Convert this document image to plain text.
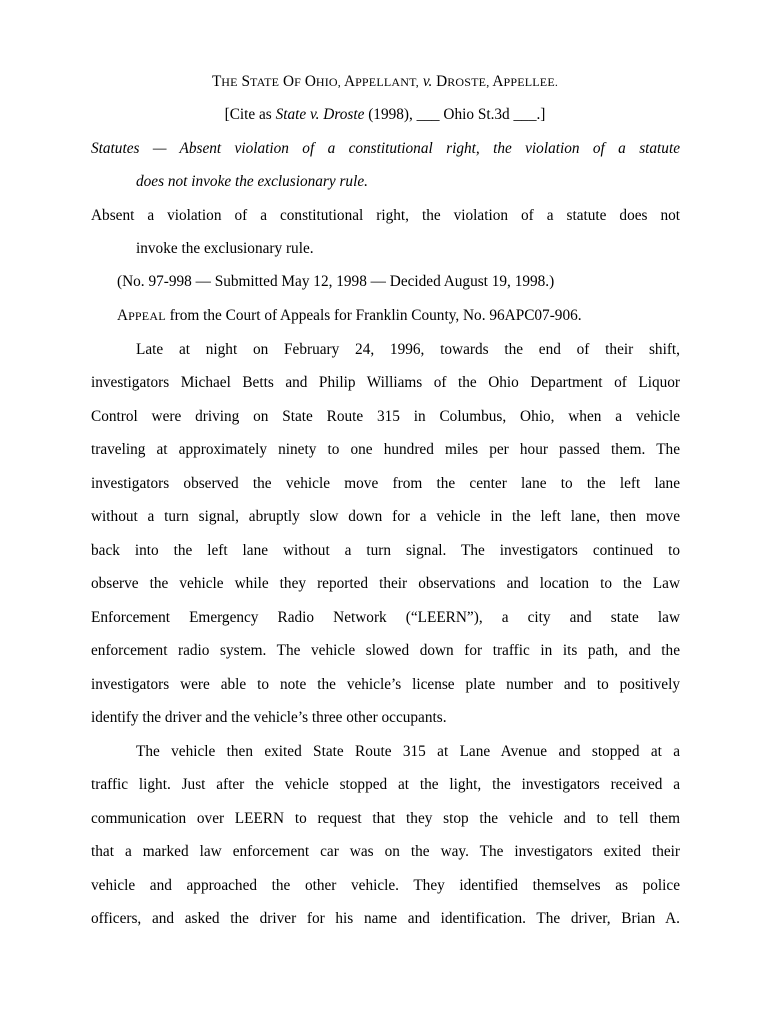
THE STATE OF OHIO, APPELLANT, v. DROSTE, APPELLEE.
[Cite as State v. Droste (1998), ___ Ohio St.3d ___.]
Statutes — Absent violation of a constitutional right, the violation of a statute
does not invoke the exclusionary rule.
Absent a violation of a constitutional right, the violation of a statute does not
invoke the exclusionary rule.
(No. 97-998 — Submitted May 12, 1998 — Decided August 19, 1998.)
APPEAL from the Court of Appeals for Franklin County, No. 96APC07-906.
Late at night on February 24, 1996, towards the end of their shift,
investigators Michael Betts and Philip Williams of the Ohio Department of Liquor
Control were driving on State Route 315 in Columbus, Ohio, when a vehicle
traveling at approximately ninety to one hundred miles per hour passed them. The
investigators observed the vehicle move from the center lane to the left lane
without a turn signal, abruptly slow down for a vehicle in the left lane, then move
back into the left lane without a turn signal. The investigators continued to
observe the vehicle while they reported their observations and location to the Law
Enforcement Emergency Radio Network (“LEERN”), a city and state law
enforcement radio system. The vehicle slowed down for traffic in its path, and the
investigators were able to note the vehicle’s license plate number and to positively
identify the driver and the vehicle’s three other occupants.
The vehicle then exited State Route 315 at Lane Avenue and stopped at a
traffic light. Just after the vehicle stopped at the light, the investigators received a
communication over LEERN to request that they stop the vehicle and to tell them
that a marked law enforcement car was on the way. The investigators exited their
vehicle and approached the other vehicle. They identified themselves as police
officers, and asked the driver for his name and identification. The driver, Brian A.
